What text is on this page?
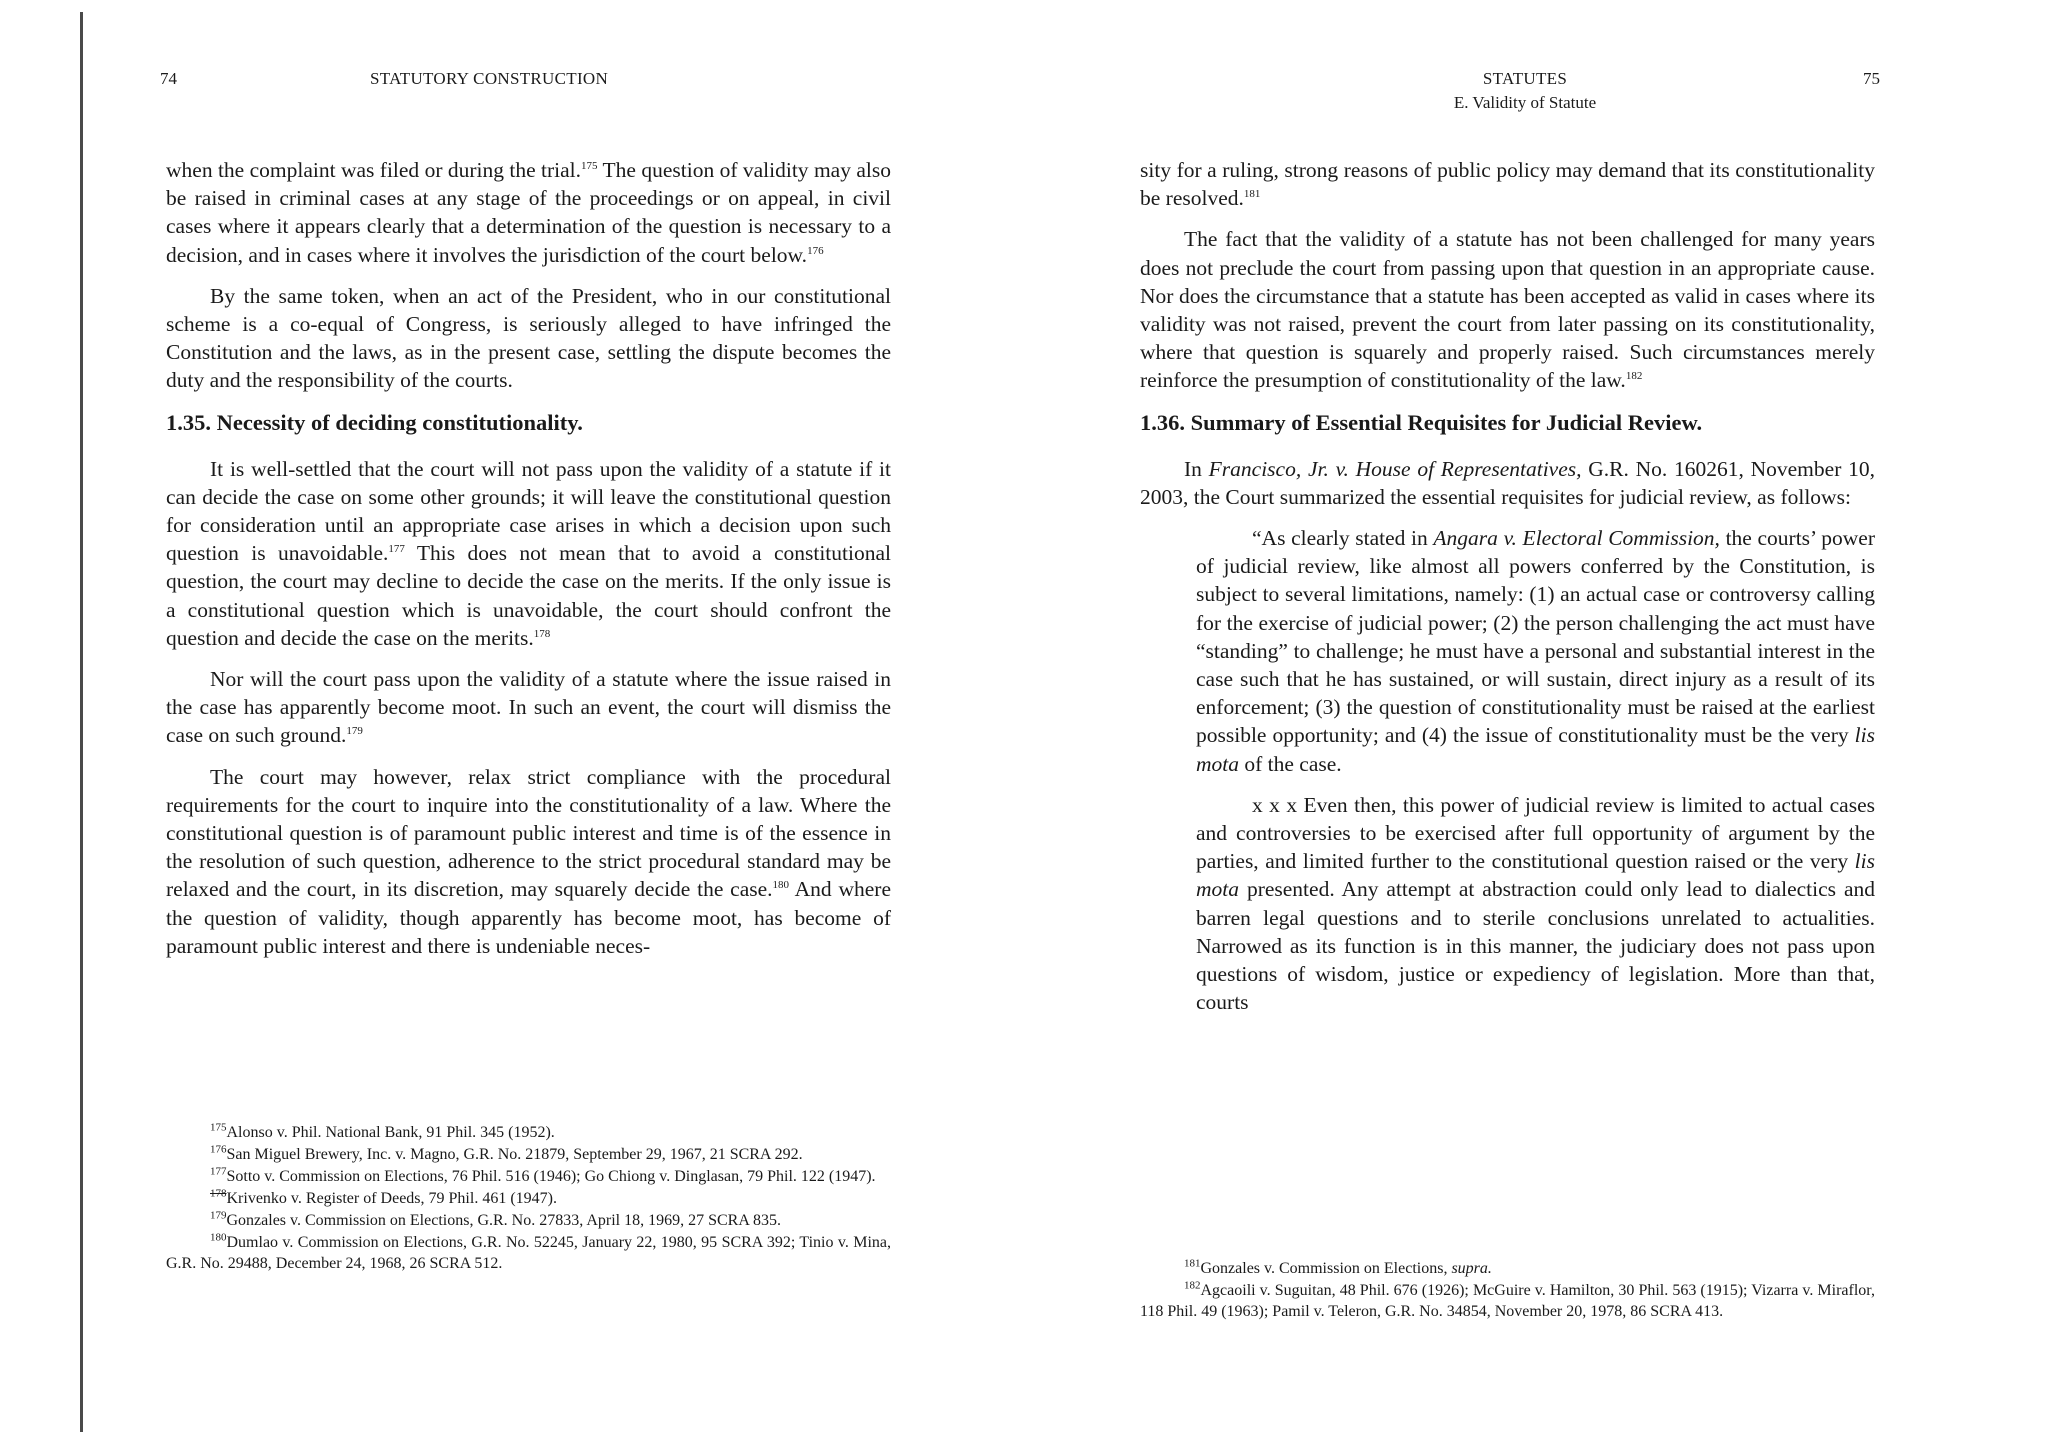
74	STATUTORY CONSTRUCTION

when the complaint was filed or during the trial.$^{175}$ The question of validity may also be raised in criminal cases at any stage of the proceedings or on appeal, in civil cases where it appears clearly that a determination of the question is necessary to a decision, and in cases where it involves the jurisdiction of the court below.$^{176}$

By the same token, when an act of the President, who in our constitutional scheme is a co-equal of Congress, is seriously alleged to have infringed the Constitution and the laws, as in the present case, settling the dispute becomes the duty and the responsibility of the courts.

1.35. Necessity of deciding constitutionality.

It is well-settled that the court will not pass upon the validity of a statute if it can decide the case on some other grounds; it will leave the constitutional question for consideration until an appropriate case arises in which a decision upon such question is unavoidable.$^{177}$ This does not mean that to avoid a constitutional question, the court may decline to decide the case on the merits. If the only issue is a constitutional question which is unavoidable, the court should confront the question and decide the case on the merits.$^{178}$

Nor will the court pass upon the validity of a statute where the issue raised in the case has apparently become moot. In such an event, the court will dismiss the case on such ground.$^{179}$

The court may however, relax strict compliance with the procedural requirements for the court to inquire into the constitutionality of a law. Where the constitutional question is of paramount public interest and time is of the essence in the resolution of such question, adherence to the strict procedural standard may be relaxed and the court, in its discretion, may squarely decide the case.$^{180}$ And where the question of validity, though apparently has become moot, has become of paramount public interest and there is undeniable neces-

$^{175}$Alonso v. Phil. National Bank, 91 Phil. 345 (1952).

$^{176}$San Miguel Brewery, Inc. v. Magno, G.R. No. 21879, September 29, 1967, 21 SCRA 292.

$^{177}$Sotto v. Commission on Elections, 76 Phil. 516 (1946); Go Chiong v. Dinglasan, 79 Phil. 122 (1947).

$^{178}$Krivenko v. Register of Deeds, 79 Phil. 461 (1947).

$^{179}$Gonzales v. Commission on Elections, G.R. No. 27833, April 18, 1969, 27 SCRA 835.

$^{180}$Dumlao v. Commission on Elections, G.R. No. 52245, January 22, 1980, 95 SCRA 392; Tinio v. Mina, G.R. No. 29488, December 24, 1968, 26 SCRA 512.

STATUTES	75
E. Validity of Statute

sity for a ruling, strong reasons of public policy may demand that its constitutionality be resolved.$^{181}$

The fact that the validity of a statute has not been challenged for many years does not preclude the court from passing upon that question in an appropriate cause. Nor does the circumstance that a statute has been accepted as valid in cases where its validity was not raised, prevent the court from later passing on its constitutionality, where that question is squarely and properly raised. Such circumstances merely reinforce the presumption of constitutionality of the law.$^{182}$

1.36. Summary of Essential Requisites for Judicial Review.

In Francisco, Jr. v. House of Representatives, G.R. No. 160261, November 10, 2003, the Court summarized the essential requisites for judicial review, as follows:

“As clearly stated in Angara v. Electoral Commission, the courts’ power of judicial review, like almost all powers conferred by the Constitution, is subject to several limitations, namely: (1) an actual case or controversy calling for the exercise of judicial power; (2) the person challenging the act must have “standing” to challenge; he must have a personal and substantial interest in the case such that he has sustained, or will sustain, direct injury as a result of its enforcement; (3) the question of constitutionality must be raised at the earliest possible opportunity; and (4) the issue of constitutionality must be the very lis mota of the case.

x x x Even then, this power of judicial review is limited to actual cases and controversies to be exercised after full opportunity of argument by the parties, and limited further to the constitutional question raised or the very lis mota presented. Any attempt at abstraction could only lead to dialectics and barren legal questions and to sterile conclusions unrelated to actualities. Narrowed as its function is in this manner, the judiciary does not pass upon questions of wisdom, justice or expediency of legislation. More than that, courts

$^{181}$Gonzales v. Commission on Elections, supra.

$^{182}$Agcaoili v. Suguitan, 48 Phil. 676 (1926); McGuire v. Hamilton, 30 Phil. 563 (1915); Vizarra v. Miraflor, 118 Phil. 49 (1963); Pamil v. Teleron, G.R. No. 34854, November 20, 1978, 86 SCRA 413.
